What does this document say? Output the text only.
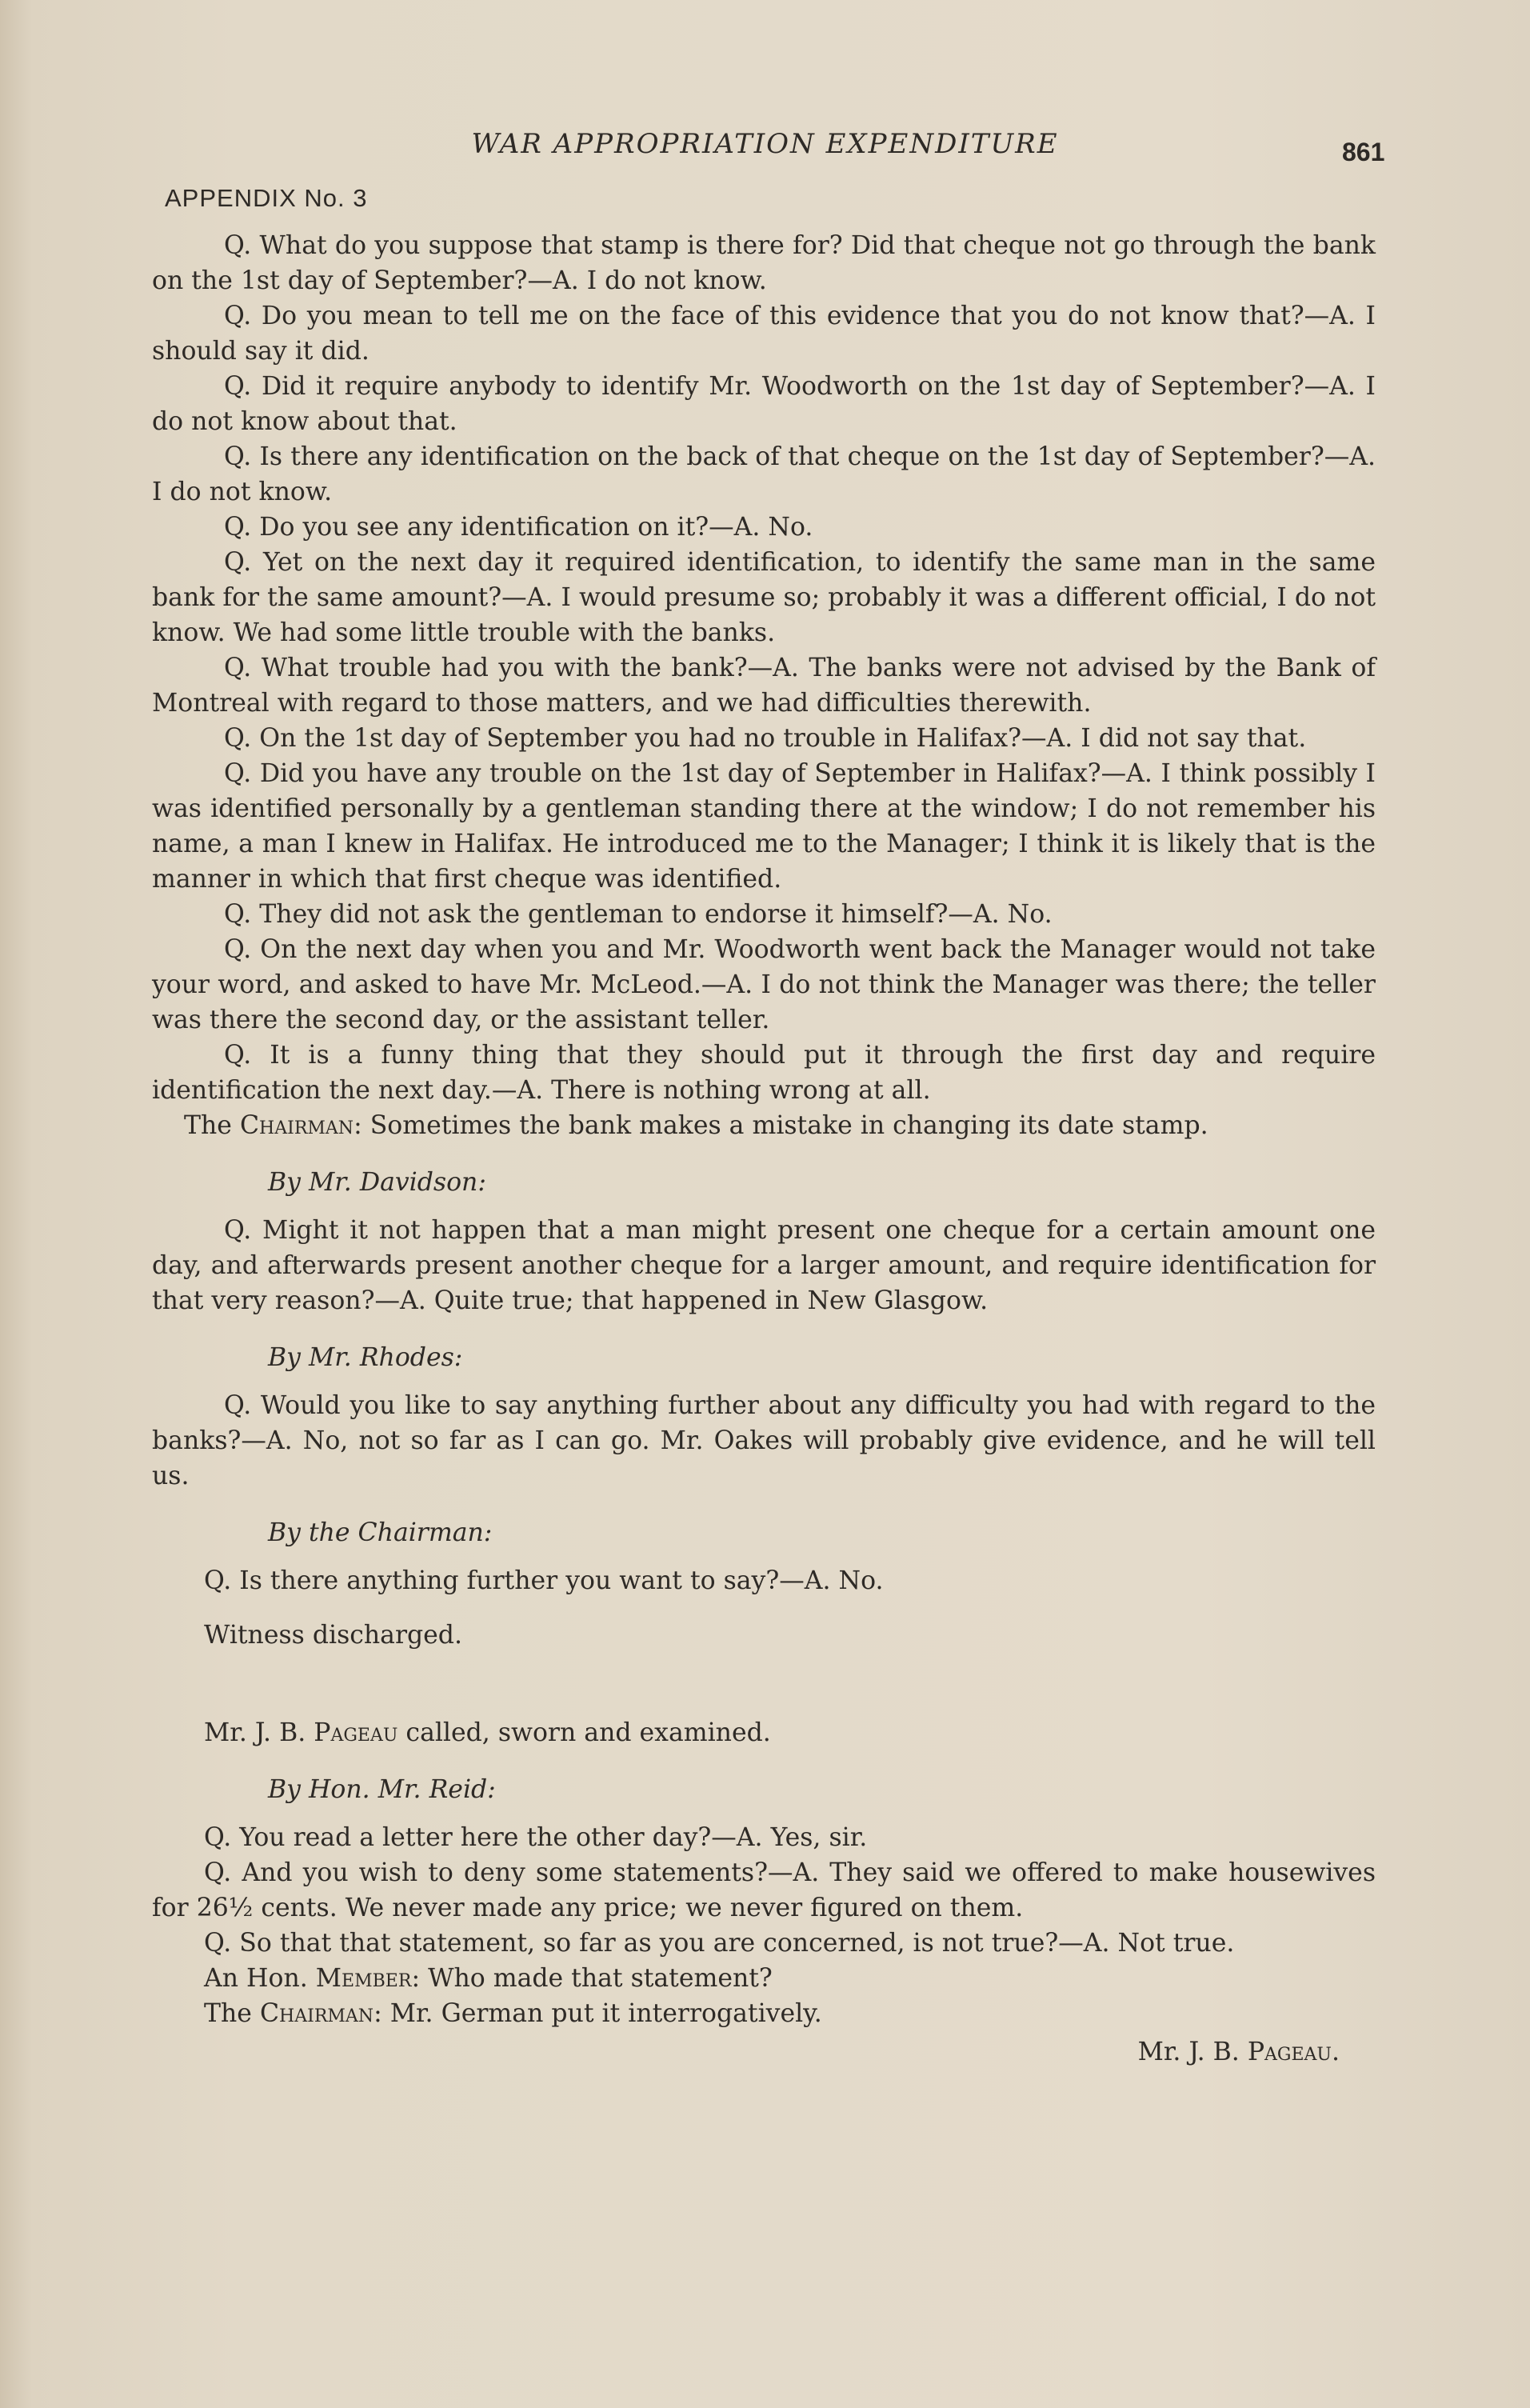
WAR APPROPRIATION EXPENDITURE	861
APPENDIX No. 3

Q. What do you suppose that stamp is there for? Did that cheque not go through the bank on the 1st day of September?—A. I do not know.

Q. Do you mean to tell me on the face of this evidence that you do not know that?—A. I should say it did.

Q. Did it require anybody to identify Mr. Woodworth on the 1st day of September?—A. I do not know about that.

Q. Is there any identification on the back of that cheque on the 1st day of September?—A. I do not know.

Q. Do you see any identification on it?—A. No.

Q. Yet on the next day it required identification, to identify the same man in the same bank for the same amount?—A. I would presume so; probably it was a different official, I do not know. We had some little trouble with the banks.

Q. What trouble had you with the bank?—A. The banks were not advised by the Bank of Montreal with regard to those matters, and we had difficulties therewith.

Q. On the 1st day of September you had no trouble in Halifax?—A. I did not say that.

Q. Did you have any trouble on the 1st day of September in Halifax?—A. I think possibly I was identified personally by a gentleman standing there at the window; I do not remember his name, a man I knew in Halifax. He introduced me to the Manager; I think it is likely that is the manner in which that first cheque was identified.

Q. They did not ask the gentleman to endorse it himself?—A. No.

Q. On the next day when you and Mr. Woodworth went back the Manager would not take your word, and asked to have Mr. McLeod.—A. I do not think the Manager was there; the teller was there the second day, or the assistant teller.

Q. It is a funny thing that they should put it through the first day and require identification the next day.—A. There is nothing wrong at all.

The Chairman: Sometimes the bank makes a mistake in changing its date stamp.

By Mr. Davidson:

Q. Might it not happen that a man might present one cheque for a certain amount one day, and afterwards present another cheque for a larger amount, and require identification for that very reason?—A. Quite true; that happened in New Glasgow.

By Mr. Rhodes:

Q. Would you like to say anything further about any difficulty you had with regard to the banks?—A. No, not so far as I can go. Mr. Oakes will probably give evidence, and he will tell us.

By the Chairman:

Q. Is there anything further you want to say?—A. No.

Witness discharged.

Mr. J. B. Pageau called, sworn and examined.

By Hon. Mr. Reid:

Q. You read a letter here the other day?—A. Yes, sir.

Q. And you wish to deny some statements?—A. They said we offered to make housewives for 26½ cents. We never made any price; we never figured on them.

Q. So that that statement, so far as you are concerned, is not true?—A. Not true.

An Hon. Member: Who made that statement?

The Chairman: Mr. German put it interrogatively.

Mr. J. B. Pageau.
